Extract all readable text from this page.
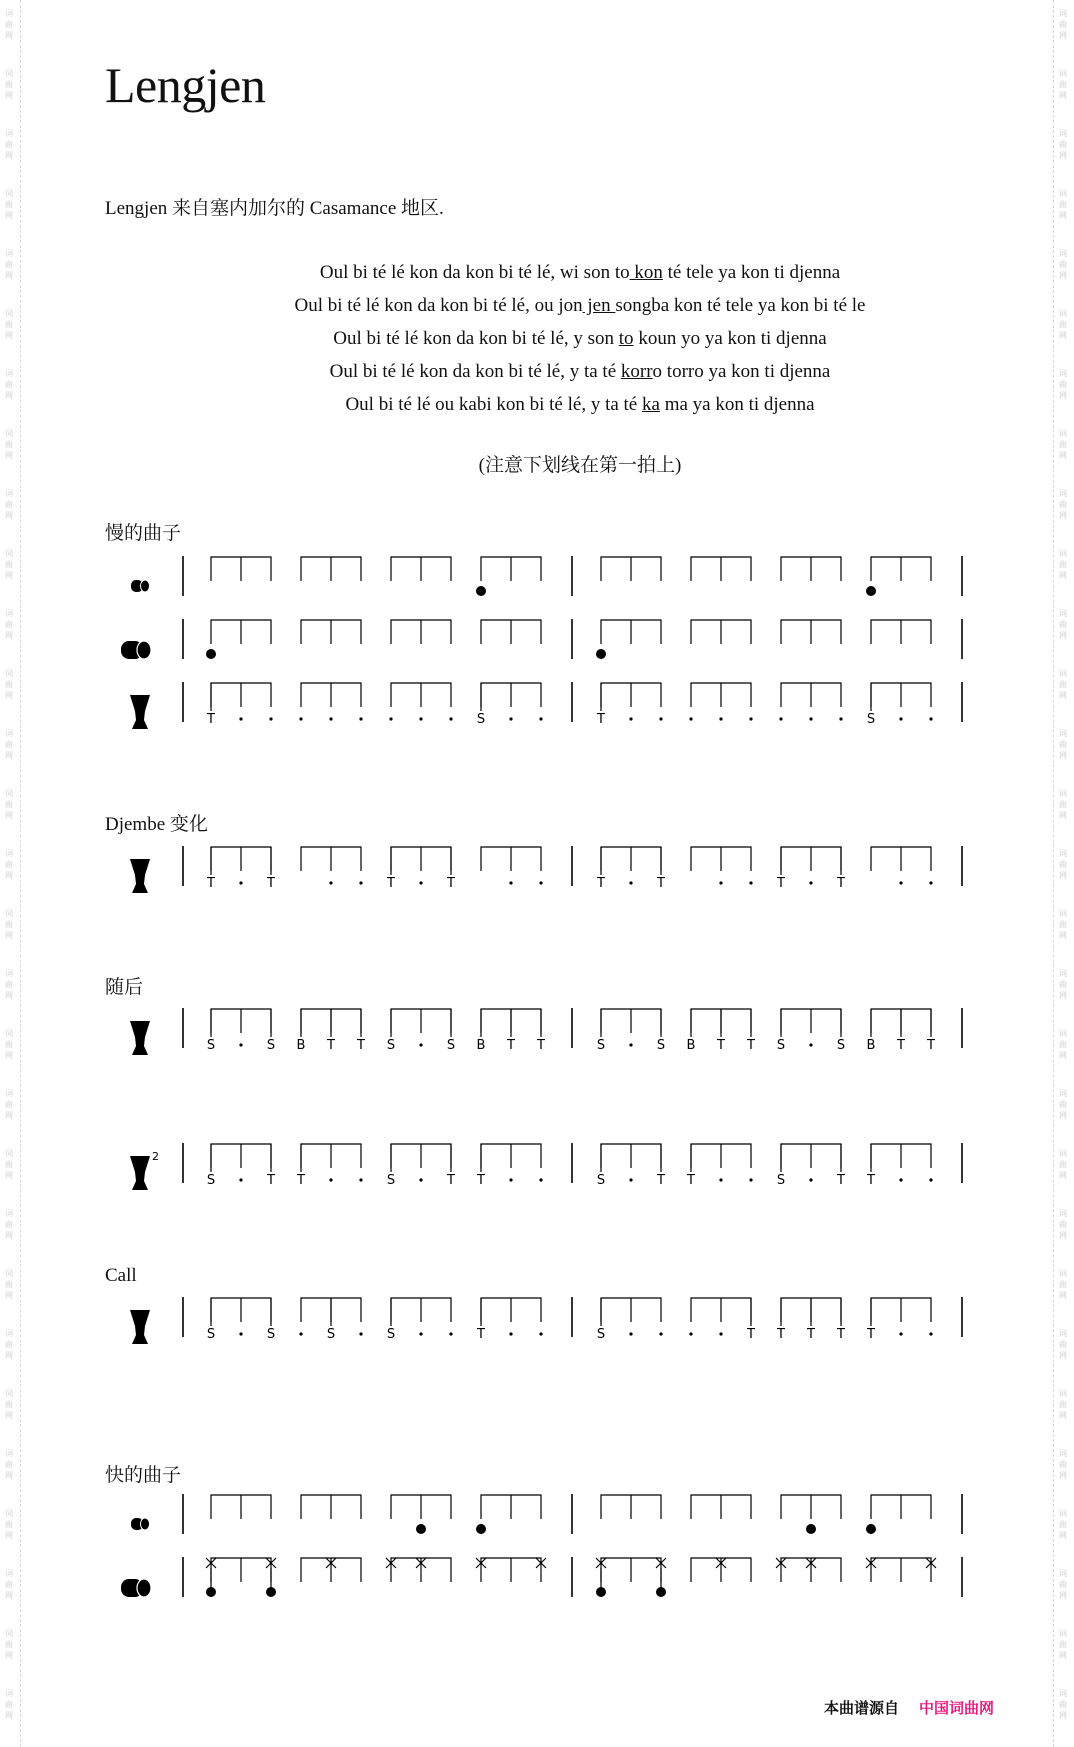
词
曲
网
词
曲
网
词
曲
网
词
曲
网
词
曲
网
词
曲
网
词
曲
网
词
曲
网
词
曲
网
词
曲
网
词
曲
网
词
曲
网
词
曲
网
词
曲
网
词
曲
网
词
曲
网
词
曲
网
词
曲
网
词
曲
网
词
曲
网
词
曲
网
词
曲
网
词
曲
网
词
曲
网
词
曲
网
词
曲
网
词
曲
网
词
曲
网
词
曲
网
词
曲
网
词
曲
网
词
曲
网
词
曲
网
词
曲
网
词
曲
网
词
曲
网
词
曲
网
词
曲
网
词
曲
网
词
曲
网
词
曲
网
词
曲
网
词
曲
网
词
曲
网
词
曲
网
词
曲
网
词
曲
网
词
曲
网
词
曲
网
词
曲
网
词
曲
网
词
曲
网
词
曲
网
词
曲
网
词
曲
网
词
曲
网
词
曲
网
词
曲
网
Lengjen
Lengjen 来自塞内加尔的 Casamance 地区.
Oul bi té lé kon da kon bi té lé, wi son to kon té tele ya kon ti djenna
Oul bi té lé kon da kon bi té lé, ou jon jen songba kon té tele ya kon bi té le
Oul bi té lé kon da kon bi té lé, y son to koun yo ya kon ti djenna
Oul bi té lé kon da kon bi té lé, y ta té korro torro ya kon ti djenna
Oul bi té lé ou kabi kon bi té lé, y ta té ka ma ya kon ti djenna
(注意下划线在第一拍上)
慢的曲子
Djembe 变化
随后
Call
快的曲子
T	S	T	S
T	T	T	T	T	T	T	T
S	S B T T S	S B T T	S	S B T T S	S B T T
2
S	T T	S	T T	S	T T	S	T T
S	S	S	S	T	S	T T T T T
本曲谱源自 中国词曲网
